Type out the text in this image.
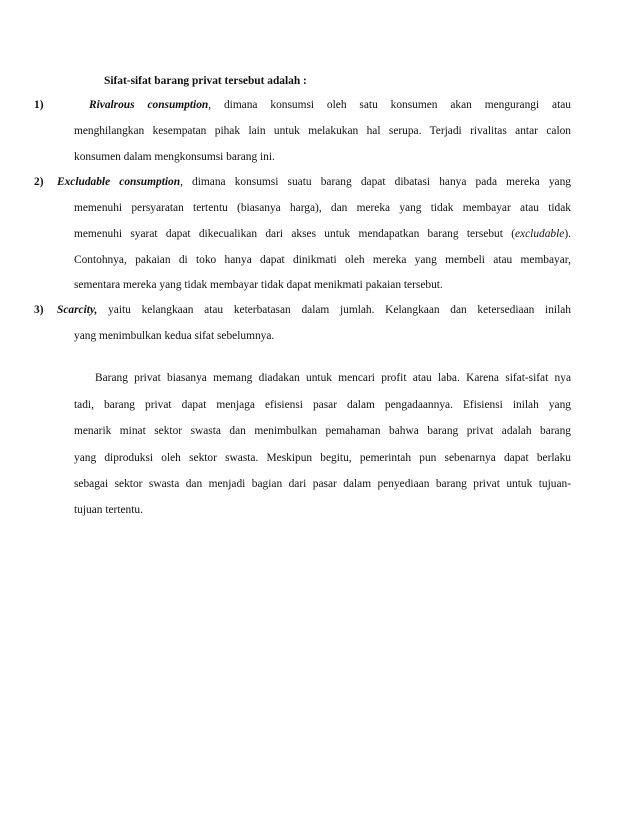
Sifat-sifat barang privat tersebut adalah :
1)	Rivalrous consumption, dimana konsumsi oleh satu konsumen akan mengurangi atau
menghilangkan kesempatan pihak lain untuk melakukan hal serupa. Terjadi rivalitas antar calon
konsumen dalam mengkonsumsi barang ini.
2) Excludable consumption, dimana konsumsi suatu barang dapat dibatasi hanya pada mereka yang
memenuhi persyaratan tertentu (biasanya harga), dan mereka yang tidak membayar atau tidak
memenuhi syarat dapat dikecualikan dari akses untuk mendapatkan barang tersebut (excludable).
Contohnya, pakaian di toko hanya dapat dinikmati oleh mereka yang membeli atau membayar,
sementara mereka yang tidak membayar tidak dapat menikmati pakaian tersebut.
3) Scarcity, yaitu kelangkaan atau keterbatasan dalam jumlah. Kelangkaan dan ketersediaan inilah
yang menimbulkan kedua sifat sebelumnya.
Barang privat biasanya memang diadakan untuk mencari profit atau laba. Karena sifat-sifat nya
tadi, barang privat dapat menjaga efisiensi pasar dalam pengadaannya. Efisiensi inilah yang
menarik minat sektor swasta dan menimbulkan pemahaman bahwa barang privat adalah barang
yang diproduksi oleh sektor swasta. Meskipun begitu, pemerintah pun sebenarnya dapat berlaku
sebagai sektor swasta dan menjadi bagian dari pasar dalam penyediaan barang privat untuk tujuan-
tujuan tertentu.
